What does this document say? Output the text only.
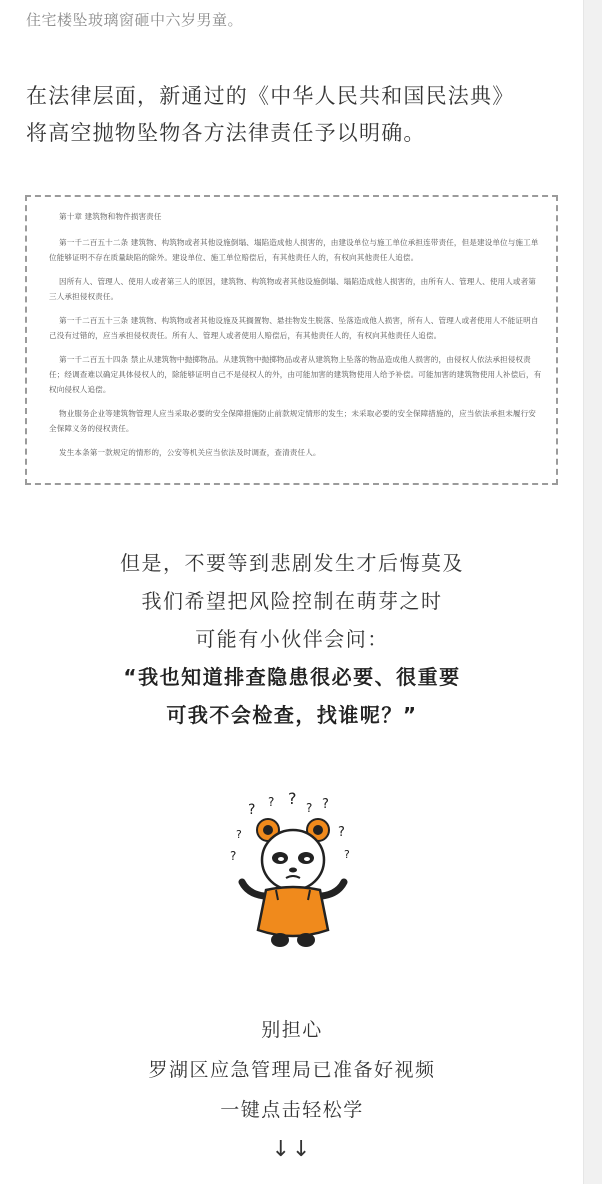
住宅楼坠玻璃窗砸中六岁男童。
在法律层面，新通过的《中华人民共和国民法典》
将高空抛物坠物各方法律责任予以明确。

第十章 建筑物和物件损害责任

第一千二百五十二条 建筑物、构筑物或者其他设施倒塌、塌陷造成他人损害的，由建设单位与施工单位承担连带责任，但是建设单位与施工单位能够证明不存在质量缺陷的除外。建设单位、施工单位赔偿后，有其他责任人的，有权向其他责任人追偿。

因所有人、管理人、使用人或者第三人的原因，建筑物、构筑物或者其他设施倒塌、塌陷造成他人损害的，由所有人、管理人、使用人或者第三人承担侵权责任。

第一千二百五十三条 建筑物、构筑物或者其他设施及其搁置物、悬挂物发生脱落、坠落造成他人损害，所有人、管理人或者使用人不能证明自己没有过错的，应当承担侵权责任。所有人、管理人或者使用人赔偿后，有其他责任人的，有权向其他责任人追偿。

第一千二百五十四条 禁止从建筑物中抛掷物品。从建筑物中抛掷物品或者从建筑物上坠落的物品造成他人损害的，由侵权人依法承担侵权责任；经调查难以确定具体侵权人的，除能够证明自己不是侵权人的外，由可能加害的建筑物使用人给予补偿。可能加害的建筑物使用人补偿后，有权向侵权人追偿。

物业服务企业等建筑物管理人应当采取必要的安全保障措施防止前款规定情形的发生；未采取必要的安全保障措施的，应当依法承担未履行安全保障义务的侵权责任。

发生本条第一款规定的情形的，公安等机关应当依法及时调查，查清责任人。

但是，不要等到悲剧发生才后悔莫及
我们希望把风险控制在萌芽之时
可能有小伙伴会问：
“我也知道排查隐患很必要、很重要
可我不会检查，找谁呢？”
? ? ? ? ?
?
?
?
?
别担心
罗湖区应急管理局已准备好视频
一键点击轻松学
↓↓
